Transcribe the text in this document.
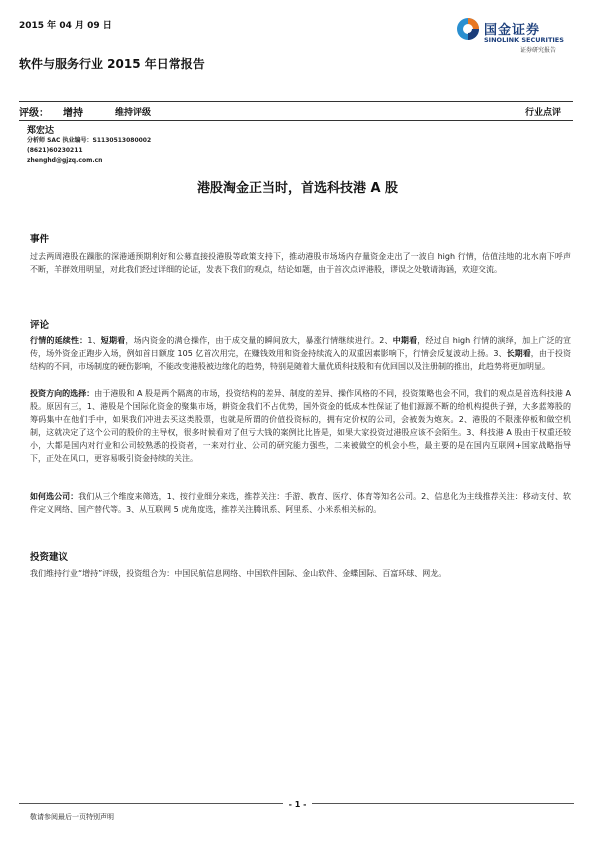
2015 年 04 月 09 日	国金证券
SINOLINK SECURITIES
证券研究报告
软件与服务行业 2015 年日常报告
评级： 增持	维持评级	行业点评
郑宏达
分析师 SAC 执业编号：S1130513080002
(8621)60230211
zhenghd@gjzq.com.cn
港股淘金正当时，首选科技港 A 股
事件
过去两周港股在躁胀的深港通预期利好和公募直接投港股等政策支持下，推动港股市场场内存量资金走出了一波自 high 行情，估值洼地的北水南下呼声不断，羊群效用明显，对此我们经过详细的论证，发表下我们的观点，结论如题，由于首次点评港股，谬误之处敬请海涵，欢迎交流。
评论
行情的延续性：1、短期看，场内资金的满仓操作，由于成交量的瞬间放大，暴涨行情继续进行。2、中期看，经过自 high 行情的演绎，加上广泛的宣传，场外资金正跑步入场，例如首日额度 105 亿首次用完，在赚钱效用和资金持续流入的双重因素影响下，行情会反复波动上扬。3、长期看，由于投资结构的不同，市场制度的硬伤影响，不能改变港股被边缘化的趋势，特别是随着大量优质科技股和有优回国以及注册制的推出，此趋势将更加明显。
投资方向的选择：由于港股和 A 股是两个隔离的市场，投资结构的差异、制度的差异、操作风格的不同，投资策略也会不同，我们的观点是首选科技港 A 股。原因有三，1、港股是个国际化资金的聚集市场，耕资金我们不占优势，国外资金的低成本性保证了他们源源不断的给机构提供子弹，大多蓝筹股的筹码集中在他们手中，如果我们冲进去买这类股票，也就是所谓的价值投资标的，拥有定价权的公司，会被轰为炮灰。2、港股的不限涨停板和做空机制，这就决定了这个公司的股价的主导权，很多时候看对了但亏大钱的案例比比皆是，如果大家投资过港股应该不会陌生。3、科技港 A 股由于权重还较小，大都是国内对行业和公司较熟悉的投资者，一来对行业、公司的研究能力强些，二来被做空的机会小些，最主要的是在国内互联网+国家战略指导下，正处在风口，更容易吸引资金持续的关注。
如何选公司：我们从三个维度来筛选，1、按行业细分来选，推荐关注：手游、教育、医疗、体育等知名公司。2、信息化为主线推荐关注：移动支付、软件定义网络、国产替代等。3、从互联网 5 虎角度选，推荐关注腾讯系、阿里系、小米系相关标的。
投资建议
我们维持行业“增持”评级，投资组合为：中国民航信息网络、中国软件国际、金山软件、金蝶国际、百富环球、网龙。
- 1 -
敬请参阅最后一页特别声明
